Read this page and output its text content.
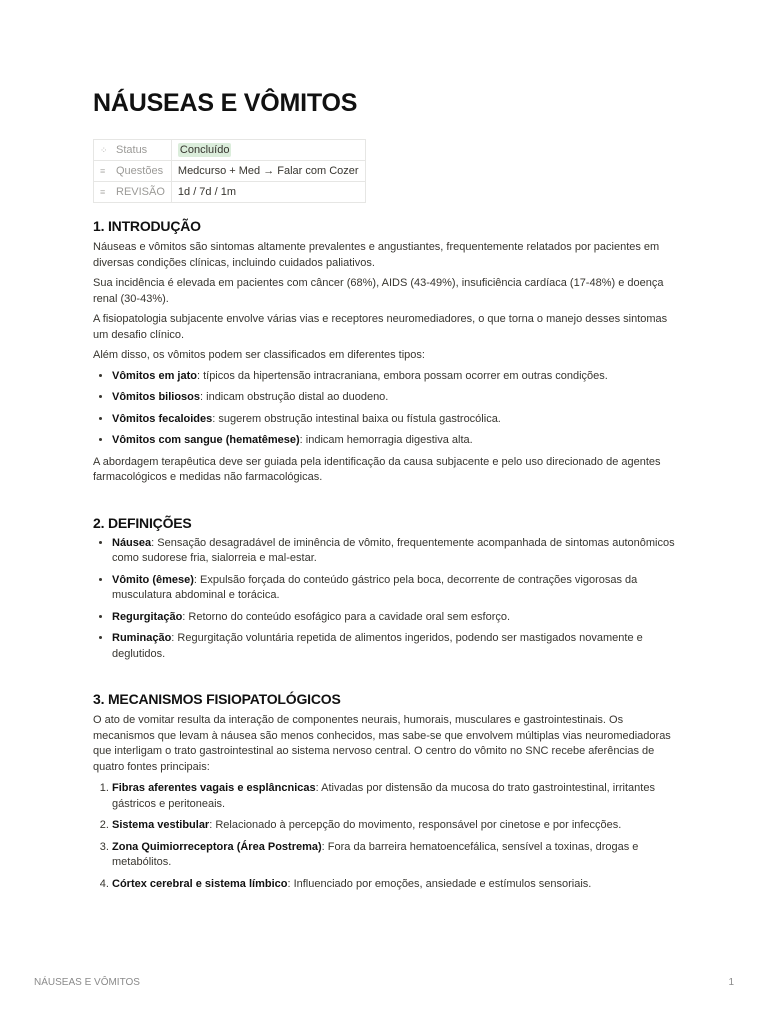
NÁUSEAS E VÔMITOS
⁘ Status	Concluído
≡ Questões	Medcurso + Med → Falar com Cozer
≡ REVISÃO	1d / 7d / 1m
1. INTRODUÇÃO

Náuseas e vômitos são sintomas altamente prevalentes e angustiantes, frequentemente relatados por pacientes em diversas condições clínicas, incluindo cuidados paliativos.

Sua incidência é elevada em pacientes com câncer (68%), AIDS (43-49%), insuficiência cardíaca (17-48%) e doença renal (30-43%).

A fisiopatologia subjacente envolve várias vias e receptores neuromediadores, o que torna o manejo desses sintomas um desafio clínico.

Além disso, os vômitos podem ser classificados em diferentes tipos:

• Vômitos em jato: típicos da hipertensão intracraniana, embora possam ocorrer em outras condições.
• Vômitos biliosos: indicam obstrução distal ao duodeno.
• Vômitos fecaloides: sugerem obstrução intestinal baixa ou fístula gastrocólica.
• Vômitos com sangue (hematêmese): indicam hemorragia digestiva alta.

A abordagem terapêutica deve ser guiada pela identificação da causa subjacente e pelo uso direcionado de agentes farmacológicos e medidas não farmacológicas.

2. DEFINIÇÕES
• Náusea: Sensação desagradável de iminência de vômito, frequentemente acompanhada de sintomas autonômicos como sudorese fria, sialorreia e mal-estar.
• Vômito (êmese): Expulsão forçada do conteúdo gástrico pela boca, decorrente de contrações vigorosas da musculatura abdominal e torácica.
• Regurgitação: Retorno do conteúdo esofágico para a cavidade oral sem esforço.
• Ruminação: Regurgitação voluntária repetida de alimentos ingeridos, podendo ser mastigados novamente e deglutidos.
3. MECANISMOS FISIOPATOLÓGICOS

O ato de vomitar resulta da interação de componentes neurais, humorais, musculares e gastrointestinais. Os mecanismos que levam à náusea são menos conhecidos, mas sabe-se que envolvem múltiplas vias neuromediadoras que interligam o trato gastrointestinal ao sistema nervoso central. O centro do vômito no SNC recebe aferências de quatro fontes principais:

1. Fibras aferentes vagais e esplâncnicas: Ativadas por distensão da mucosa do trato gastrointestinal, irritantes gástricos e peritoneais.
2. Sistema vestibular: Relacionado à percepção do movimento, responsável por cinetose e por infecções.
3. Zona Quimiorreceptora (Área Postrema): Fora da barreira hematoencefálica, sensível a toxinas, drogas e metabólitos.
4. Córtex cerebral e sistema límbico: Influenciado por emoções, ansiedade e estímulos sensoriais.
NÁUSEAS E VÔMITOS	1
